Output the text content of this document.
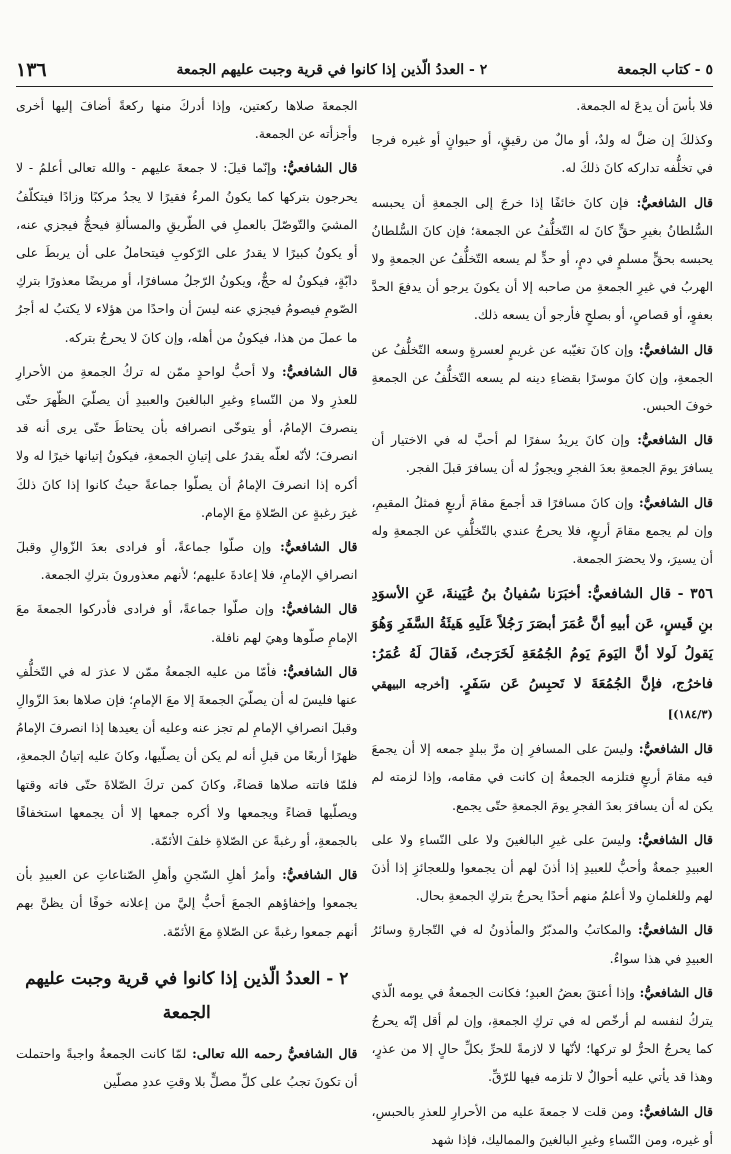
٥ - كتاب الجمعة
٢ - العددُ الّذين إذا كانوا في قرية وجبت عليهم الجمعة
١٣٦

فلا بأسَ أن يدعَ له الجمعة.

وكذلكَ إن ضلَّ له ولدٌ، أو مالٌ من رقيقٍ، أو حيوانٍ أو غيره فرجا في تخلُّفه تداركه كانَ ذلكَ له.

قال الشافعيُّ:فإن كانَ خائفًا إذا خرجَ إلى الجمعةِ أن يحبسه السُّلطانُ بغيرِ حقٍّ كانَ له التّخلُّفُ عن الجمعة؛ فإن كانَ السُّلطانُ يحبسه بحقٍّ مسلمٍ في دمٍ، أو حدٍّ لم يسعه التّخلُّفُ عن الجمعةِ ولا الهربُ في غيرِ الجمعةِ من صاحبه إلا أن يكونَ يرجو أن يدفعَ الحدَّ بعفوٍ، أو قصاصٍ، أو بصلحٍ فأرجو أن يسعه ذلك.

قال الشافعيُّ:وإن كانَ تغيّبه عن غريمٍ لعسرةٍ وسعه التّخلُّفُ عن الجمعةِ، وإن كانَ موسرًا بقضاءِ دينه لم يسعه التّخلُّفُ عن الجمعةِ خوفَ الحبس.

قال الشافعيُّ:وإن كانَ يريدُ سفرًا لم أحبَّ له في الاختيار أن يسافرَ يومَ الجمعةِ بعدَ الفجرِ ويجوزُ له أن يسافرَ قبلَ الفجر.

قال الشافعيُّ:وإن كانَ مسافرًا قد أجمعَ مقامَ أربعٍ فمثلُ المقيمِ، وإن لم يجمع مقامَ أربعٍ، فلا يحرجُ عندي بالتّخلُّفِ عن الجمعةِ وله أن يسيرَ، ولا يحضرَ الجمعة.

٣٥٦ - قال الشافعيُّ:أخبَرَنا سُفيانُ بنُ عُيَينةَ، عَنِ الأسوَدِ بنِ قَيسٍ، عَن أبيهِ أنَّ عُمَرَ أبصَرَ رَجُلاً عَلَيهِ هَيئَةُ السَّفَرِ وَهُوَ يَقولُ لَولا أنَّ اليَومَ يَومُ الجُمُعَةِ لَخَرَجتُ، فَقالَ لَهُ عُمَرُ: فاخرُج، فإنَّ الجُمُعَةَ لا تَحبِسُ عَن سَفَرٍ. [أخرجه البيهقي (١٨٤/٣)]

قال الشافعيُّ:وليسَ على المسافرِ إن مرَّ ببلدٍ جمعه إلا أن يجمعَ فيه مقامَ أربعٍ فتلزمه الجمعةُ إن كانت في مقامه، وإذا لزمته لم يكن له أن يسافرَ بعدَ الفجرِ يومَ الجمعةِ حتّى يجمع.

قال الشافعيُّ:وليسَ على غيرِ البالغينَ ولا على النّساءِ ولا على العبيدِ جمعةٌ وأحبُّ للعبيدِ إذا أذنَ لهم أن يجمعوا وللعجائزِ إذا أذنَ لهم وللغلمانِ ولا أعلمُ منهم أحدًا يحرجُ بتركِ الجمعةِ بحال.

قال الشافعيُّ:والمكاتبُ والمدبّرُ والمأذونُ له في التّجارةِ وسائرُ العبيدِ في هذا سواءٌ.

قال الشافعيُّ:وإذا أعتقَ بعضُ العبدِ؛ فكانت الجمعةُ في يومه الّذي يتركُ لنفسه لم أرخّص له في تركِ الجمعةِ، وإن لم أقل إنّه يحرجُ كما يحرجُ الحرُّ لو تركها؛ لأنّها لا لازمةً للحرِّ بكلِّ حالٍ إلا من عذرٍ، وهذا قد يأتي عليه أحوالٌ لا تلزمه فيها للرّقِّ.

قال الشافعيُّ:ومن قلت لا جمعةَ عليه من الأحرارِ للعذرِ بالحبسِ، أو غيره، ومن النّساءِ وغيرِ البالغينَ والمماليك، فإذا شهد

الجمعةَ صلاها ركعتين، وإذا أدركَ منها ركعةً أضافَ إليها أخرى وأجزأته عن الجمعة.

قال الشافعيُّ:وإنّما قيلَ: لا جمعةَ عليهم - والله تعالى أعلمُ - لا يحرجون بتركها كما يكونُ المرءُ فقيرًا لا يجدُ مركبًا وزادًا فيتكلّفُ المشيَ والتّوصّلَ بالعملِ في الطّريقِ والمسألةِ فيحجُّ فيجزي عنه، أو يكونُ كبيرًا لا يقدرُ على الرّكوبِ فيتحاملُ على أن يربطَ على دابّةٍ، فيكونُ له حجٌّ، ويكونُ الرّجلُ مسافرًا، أو مريضًا معذورًا بتركِ الصّومِ فيصومُ فيجزي عنه ليسَ أن واحدًا من هؤلاء لا يكتبُ له أجرُ ما عملَ من هذا، فيكونُ من أهله، وإن كانَ لا يحرجُ بتركه.

قال الشافعيُّ:ولا أحبُّ لواحدٍ ممّن له تركُ الجمعةِ من الأحرارِ للعذرِ ولا من النّساءِ وغيرِ البالغينَ والعبيدِ أن يصلّيَ الظّهرَ حتّى ينصرفَ الإمامُ، أو يتوخّى انصرافه بأن يحتاطَ حتّى يرى أنه قد انصرفَ؛ لأنّه لعلّه يقدرُ على إتيانِ الجمعةِ، فيكونُ إتيانها خيرًا له ولا أكره إذا انصرفَ الإمامُ أن يصلّوا جماعةً حيثُ كانوا إذا كانَ ذلكَ غيرَ رغبةٍ عن الصّلاةِ معَ الإمام.

قال الشافعيُّ:وإن صلّوا جماعةً، أو فرادى بعدَ الزّوالِ وقبلَ انصرافِ الإمامِ، فلا إعادةَ عليهم؛ لأنهم معذورونَ بتركِ الجمعة.

قال الشافعيُّ:وإن صلّوا جماعةً، أو فرادى فأدركوا الجمعةَ معَ الإمامِ صلّوها وهيَ لهم نافلة.

قال الشافعيُّ:فأمّا من عليه الجمعةُ ممّن لا عذرَ له في التّخلُّفِ عنها فليسَ له أن يصلّيَ الجمعةَ إلا معَ الإمامِ؛ فإن صلاها بعدَ الزّوالِ وقبلَ انصرافِ الإمامِ لم تجز عنه وعليه أن يعيدها إذا انصرفَ الإمامُ ظهرًا أربعًا من قبلِ أنه لم يكن أن يصلّيها، وكانَ عليه إتيانُ الجمعةِ، فلمّا فاتته صلاها قضاءً، وكانَ كمن تركَ الصّلاةَ حتّى فاته وقتها ويصلّيها قضاءً ويجمعها ولا أكره جمعها إلا أن يجمعها استخفافًا بالجمعةِ، أو رغبةً عن الصّلاةِ خلفَ الأئمّة.

قال الشافعيُّ:وأمرُ أهلِ السّجنِ وأهلِ الصّناعاتِ عن العبيدِ بأن يجمعوا وإخفاؤهم الجمعَ أحبُّ إليَّ من إعلانه خوفًا أن يظنَّ بهم أنهم جمعوا رغبةً عن الصّلاةِ معَ الأئمّة.

٢ - العددُ الّذين إذا كانوا في قرية وجبت عليهم الجمعة

قال الشافعيُّ رحمه الله تعالى:لمّا كانت الجمعةُ واجبةً واحتملت أن تكونَ تجبُ على كلِّ مصلٍّ بلا وقتِ عددِ مصلّين
